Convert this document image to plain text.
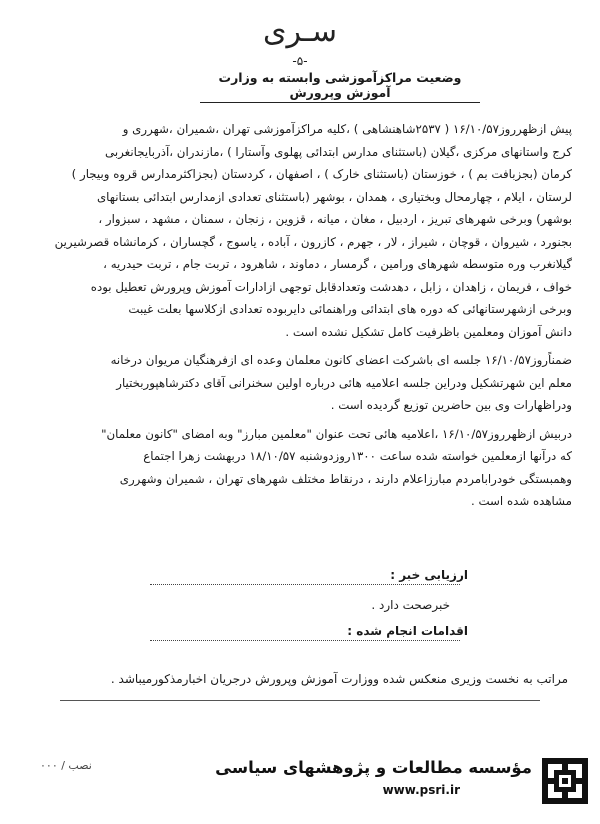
سـرى
-۵-
وضعیت مراکزآموزشی وابسته به وزارت آموزش وپرورش
پیش ازظهرروز۱۶/۱۰/۵۷ ( ۲۵۳۷شاهنشاهی ) ،کلیه مراکزآموزشی تهران ،شمیران ،شهرری و
کرج واستانهای مرکزی ،گیلان (باستثنای مدارس ابتدائی پهلوی وآستارا ) ،مازندران ،آذربایجانغربی
کرمان (بجزبافت بم ) ، خوزستان (باستثنای خارک ) ، اصفهان ، کردستان (بجزاکثرمدارس قروه وبیجار )
لرستان ، ایلام ، چهارمحال وبختیاری ، همدان ، بوشهر (باستثنای تعدادی ازمدارس ابتدائی بستانهای
بوشهر) وبرخی شهرهای تبریز ، اردبیل ، مغان ، میانه ، قزوین ، زنجان ، سمنان ، مشهد ، سبزوار ،
بجنورد ، شیروان ، قوچان ، شیراز ، لار ، جهرم ، کازرون ، آباده ، یاسوج ، گچساران ، کرمانشاه قصرشیرین
گیلانغرب وره متوسطه شهرهای ورامین ، گرمسار ، دماوند ، شاهرود ، تربت جام ، تربت حیدریه ،
خواف ، فریمان ، زاهدان ، زابل ، دهدشت وتعدادقابل توجهی ازادارات آموزش وپرورش تعطیل بوده
وبرخی ازشهرستانهائی که دوره های ابتدائی وراهنمائی دایربوده تعدادی ازکلاسها بعلت غیبت
دانش آموزان ومعلمین باظرفیت کامل تشکیل نشده است .
ضمناًروز۱۶/۱۰/۵۷ جلسه ای باشرکت اعضای کانون معلمان وعده ای ازفرهنگیان مریوان درخانه
معلم این شهرتشکیل ودراین جلسه اعلامیه هائی درباره اولین سخنرانی آقای دکترشاهپوربختیار
ودراظهارات وی بین حاضرین توزیع گردیده است .
دربیش ازظهرروز۱۶/۱۰/۵۷ ،اعلامیه هائی تحت عنوان "معلمین مبارز" وبه امضای "کانون معلمان"
که درآنها ازمعلمین خواسته شده ساعت ۱۳۰۰روزدوشنبه ۱۸/۱۰/۵۷ دربهشت زهرا اجتماع
وهمبستگی خودرابامردم مبارزاعلام دارند ، درنقاط مختلف شهرهای تهران ، شمیران وشهرری
مشاهده شده است .
ارزیابی خبر :
خبرصحت دارد .
اقدامات انجام شده :
مراتب به نخست وزیری منعکس شده ووزارت آموزش وپرورش درجریان اخبارمذکورمیباشد .
نصب / ۰۰۰	مؤسسه مطالعات و پژوهشهای سیاسی
www.psri.ir
